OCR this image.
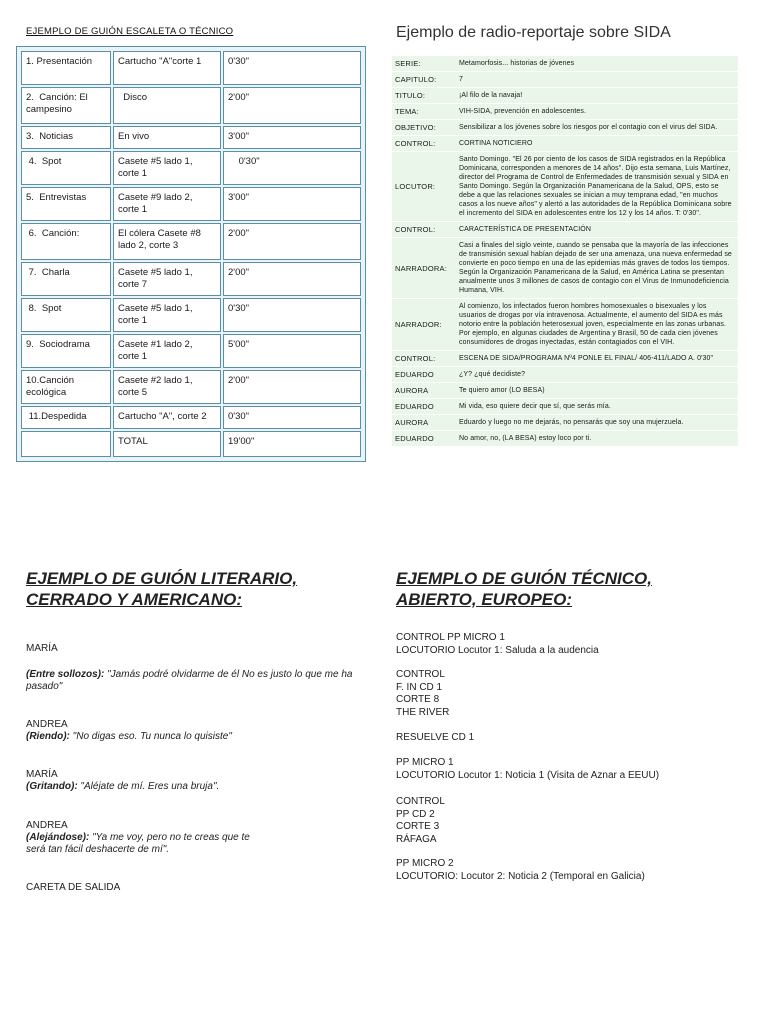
EJEMPLO DE GUIÓN ESCALETA O TÉCNICO
1. Presentación	Cartucho "A"corte 1	0'30"
2.  Canción: El campesino	Disco	2'00"
3.  Noticias	En vivo	3'00"
4.  Spot	Casete #5 lado 1, corte 1	0'30"
5.  Entrevistas	Casete #9 lado 2, corte 1	3'00"
6.  Canción:	El cólera Casete #8 lado 2, corte 3	2'00"
7.  Charla	Casete #5 lado 1, corte 7	2'00"
8.  Spot	Casete #5 lado 1, corte 1	0'30"
9.  Sociodrama	Casete #1 lado 2, corte 1	5'00"
10.Canción ecológica	Casete #2 lado 1, corte 5	2'00"
11.Despedida	Cartucho "A", corte 2	0'30"
	TOTAL	19'00"
Ejemplo de radio-reportaje sobre SIDA
SERIE:	Metamorfosis... historias de jóvenes
CAPITULO:	7
TITULO:	¡Al filo de la navaja!
TEMA:	VIH-SIDA, prevención en adolescentes.
OBJETIVO:	Sensibilizar a los jóvenes sobre los riesgos por el contagio con el virus del SIDA.
CONTROL:	CORTINA NOTICIERO
LOCUTOR:	Santo Domingo. "El 26 por ciento de los casos de SIDA registrados en la República Dominicana, corresponden a menores de 14 años". Dijo esta semana, Luis Martínez, director del Programa de Control de Enfermedades de transmisión sexual y SIDA en Santo Domingo. Según la Organización Panamericana de la Salud, OPS, esto se debe a que las relaciones sexuales se inician a muy temprana edad, "en muchos casos a los nueve años" y alertó a las autoridades de la República Dominicana sobre el incremento del SIDA en adolescentes entre los 12 y los 14 años. T: 0'30".
CONTROL:	CARACTERÍSTICA DE PRESENTACIÓN
NARRADORA:	Casi a finales del siglo veinte, cuando se pensaba que la mayoría de las infecciones de transmisión sexual habían dejado de ser una amenaza, una nueva enfermedad se convierte en poco tiempo en una de las epidemias más graves de todos los tiempos. Según la Organización Panamericana de la Salud, en América Latina se presentan anualmente unos 3 millones de casos de contagio con el Virus de Inmunodeficiencia Humana, VIH.
NARRADOR:	Al comienzo, los infectados fueron hombres homosexuales o bisexuales y los usuarios de drogas por vía intravenosa. Actualmente, el aumento del SIDA es más notorio entre la población heterosexual joven, especialmente en las zonas urbanas. Por ejemplo, en algunas ciudades de Argentina y Brasil, 50 de cada cien jóvenes consumidores de drogas inyectadas, están contagiados con el VIH.
CONTROL:	ESCENA DE SIDA/PROGRAMA Nº4 PONLE EL FINAL/ 406-411/LADO A. 0'30"
EDUARDO	¿Y? ¿qué decidiste?
AURORA	Te quiero amor (LO BESA)
EDUARDO	Mi vida, eso quiere decir que sí, que serás mía.
AURORA	Eduardo y luego no me dejarás, no pensarás que soy una mujerzuela.
EDUARDO	No amor, no, (LA BESA) estoy loco por ti.
EJEMPLO DE GUIÓN LITERARIO, CERRADO Y AMERICANO:
MARÍA
(Entre sollozos): "Jamás podré olvidarme de él No es justo lo que me ha pasado"
ANDREA
(Riendo): "No digas eso. Tu nunca lo quisiste"
MARÍA
(Gritando): "Aléjate de mí. Eres una bruja".
ANDREA
(Alejándose): "Ya me voy, pero no te creas que te será tan fácil deshacerte de mí".
CARETA DE SALIDA
EJEMPLO DE GUIÓN TÉCNICO, ABIERTO, EUROPEO:
CONTROL PP MICRO 1
LOCUTORIO Locutor 1: Saluda a la audencia
CONTROL
F. IN CD 1
CORTE 8
THE RIVER
RESUELVE CD 1
PP MICRO 1
LOCUTORIO Locutor 1: Noticia 1 (Visita de Aznar a EEUU)
CONTROL
PP CD 2
CORTE 3
RÁFAGA
PP MICRO 2
LOCUTORIO: Locutor 2: Noticia 2 (Temporal en Galicia)
